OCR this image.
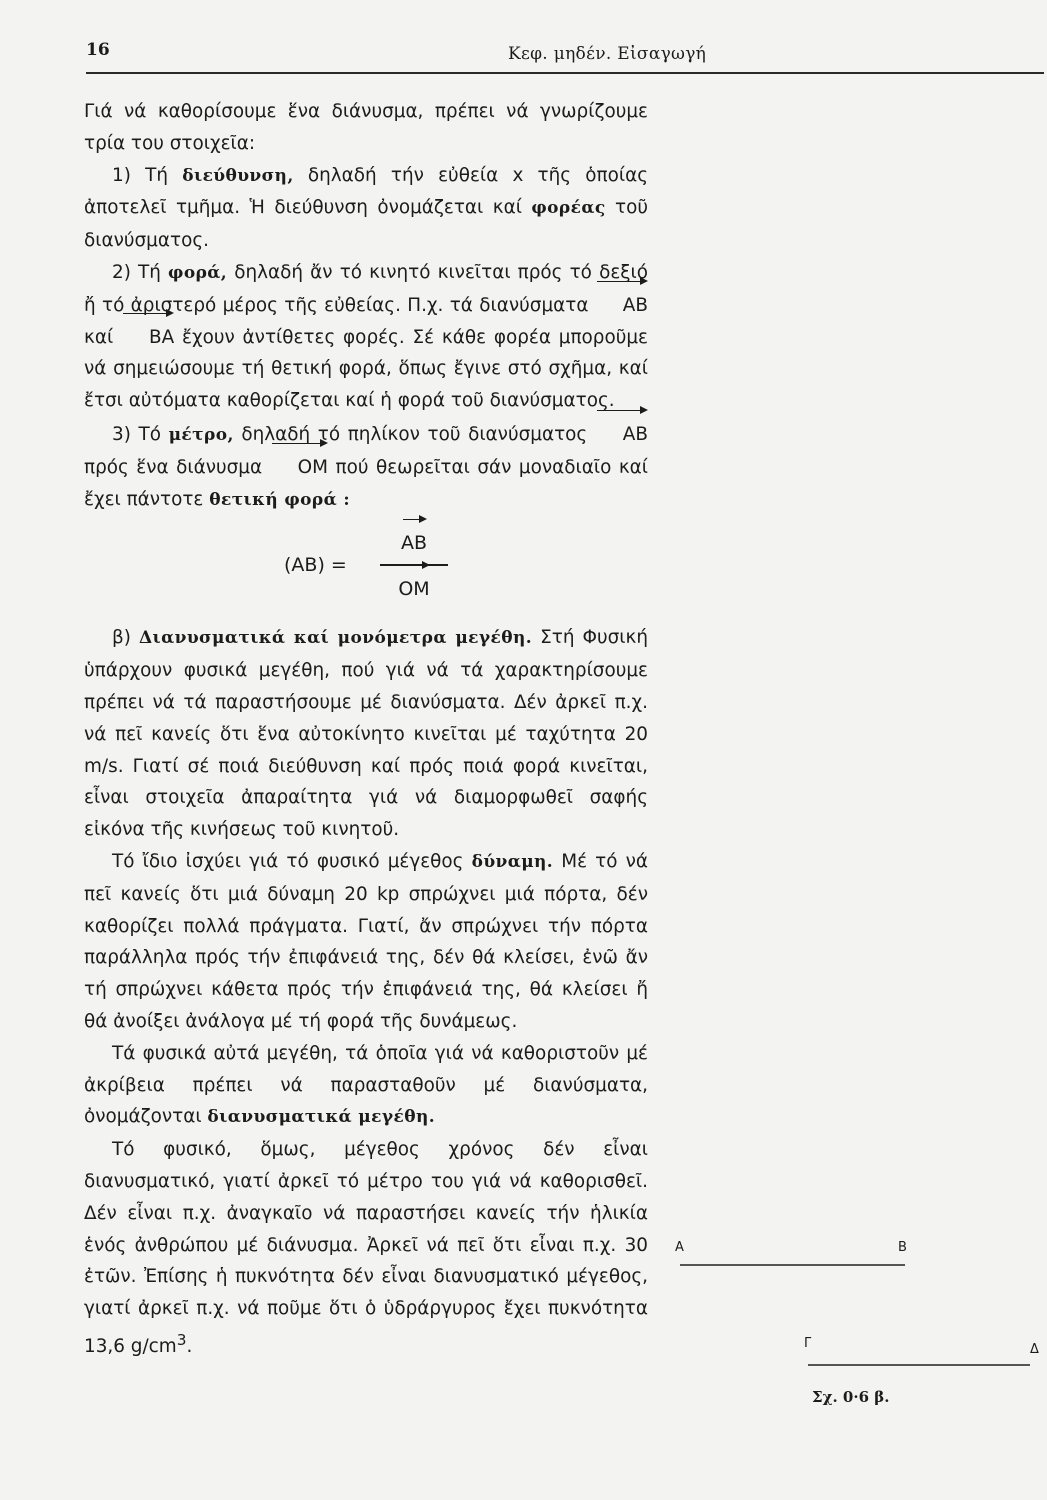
16	Κεφ. μηδέν. Εἰσαγωγή

Γιά νά καθορίσουμε ἕνα διάνυσμα, πρέπει νά γνωρίζουμε τρία του στοιχεῖα:

1) Τή διεύθυνση, δηλαδή τήν εὐθεία x τῆς ὁποίας ἀποτελεῖ τμῆμα. Ἡ διεύθυνση ὀνομάζεται καί φορέας τοῦ διανύσματος.

2) Τή φορά, δηλαδή ἄν τό κινητό κινεῖται πρός τό δεξιό ἤ τό ἀριστερό μέρος τῆς εὐθείας. Π.χ. τά διανύσματα AB καί BA ἔχουν ἀντίθετες φορές. Σέ κάθε φορέα μποροῦμε νά σημειώσουμε τή θετική φορά, ὅπως ἔγινε στό σχῆμα, καί ἔτσι αὐτόματα καθορίζεται καί ἡ φορά τοῦ διανύσματος.

3) Τό μέτρο, δηλαδή τό πηλίκον τοῦ διανύσματος AB πρός ἕνα διάνυσμα OM πού θεωρεῖται σάν μοναδιαῖο καί ἔχει πάντοτε θετική φορά :

(AB) =
AB
OM

β) Διανυσματικά καί μονόμετρα μεγέθη. Στή Φυσική ὑπάρχουν φυσικά μεγέθη, πού γιά νά τά χαρακτηρίσουμε πρέπει νά τά παραστήσουμε μέ διανύσματα. Δέν ἀρκεῖ π.χ. νά πεῖ κανείς ὅτι ἕνα αὐτοκίνητο κινεῖται μέ ταχύτητα 20 m/s. Γιατί σέ ποιά διεύθυνση καί πρός ποιά φορά κινεῖται, εἶναι στοιχεῖα ἀπαραίτητα γιά νά διαμορφωθεῖ σαφής εἰκόνα τῆς κινήσεως τοῦ κινητοῦ.

Τό ἴδιο ἰσχύει γιά τό φυσικό μέγεθος δύναμη. Μέ τό νά πεῖ κανείς ὅτι μιά δύναμη 20 kp σπρώχνει μιά πόρτα, δέν καθορίζει πολλά πράγματα. Γιατί, ἄν σπρώχνει τήν πόρτα παράλληλα πρός τήν ἐπιφάνειά της, δέν θά κλείσει, ἐνῶ ἄν τή σπρώχνει κάθετα πρός τήν ἐπιφάνειά της, θά κλείσει ἤ θά ἀνοίξει ἀνάλογα μέ τή φορά τῆς δυνάμεως.

Τά φυσικά αὐτά μεγέθη, τά ὁποῖα γιά νά καθοριστοῦν μέ ἀκρίβεια πρέπει νά παρασταθοῦν μέ διανύσματα, ὀνομάζονται διανυσματικά μεγέθη.

Τό φυσικό, ὅμως, μέγεθος χρόνος δέν εἶναι διανυσματικό, γιατί ἀρκεῖ τό μέτρο του γιά νά καθορισθεῖ. Δέν εἶναι π.χ. ἀναγκαῖο νά παραστήσει κανείς τήν ἡλικία ἑνός ἀνθρώπου μέ διάνυσμα. Ἀρκεῖ νά πεῖ ὅτι εἶναι π.χ. 30 ἐτῶν. Ἐπίσης ἡ πυκνότητα δέν εἶναι διανυσματικό μέγεθος, γιατί ἀρκεῖ π.χ. νά ποῦμε ὅτι ὁ ὑδράργυρος ἔχει πυκνότητα 13,6 $g/cm^3$.

A	B
Γ	Δ
Σχ. 0·6 β.
